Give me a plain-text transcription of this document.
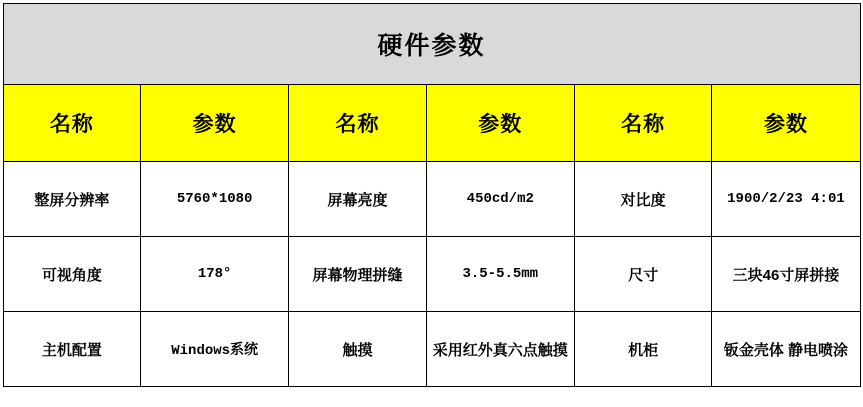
硬件参数					
名称	参数	名称	参数	名称	参数
整屏分辨率	5760*1080	屏幕亮度	450cd/m2	对比度	1900/2/23 4:01
可视角度	178°	屏幕物理拼缝	3.5-5.5mm	尺寸	三块46寸屏拼接
主机配置	Windows系统	触摸	采用红外真六点触摸	机柜	钣金壳体 静电喷涂
